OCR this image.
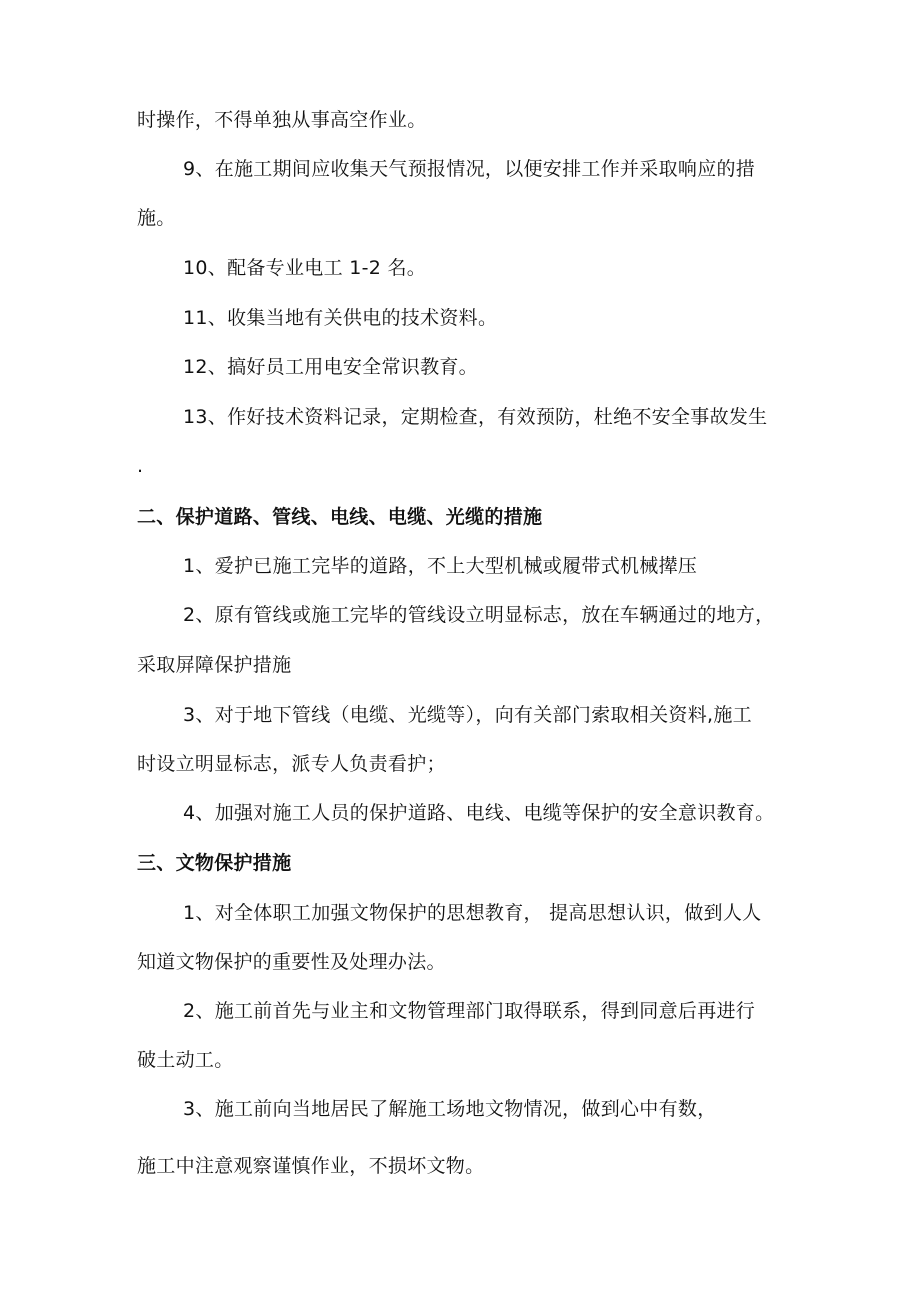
时操作，不得单独从事高空作业。
9、在施工期间应收集天气预报情况，以便安排工作并采取响应的措
施。
10、配备专业电工 1-2 名。
11、收集当地有关供电的技术资料。
12、搞好员工用电安全常识教育。
13、作好技术资料记录，定期检查，有效预防，杜绝不安全事故发生
.
二、保护道路、管线、电线、电缆、光缆的措施
1、爱护已施工完毕的道路，不上大型机械或履带式机械撵压
2、原有管线或施工完毕的管线设立明显标志，放在车辆通过的地方，
采取屏障保护措施
3、对于地下管线（电缆、光缆等），向有关部门索取相关资料,施工
时设立明显标志，派专人负责看护；
4、加强对施工人员的保护道路、电线、电缆等保护的安全意识教育。
三、文物保护措施
1、对全体职工加强文物保护的思想教育， 提高思想认识，做到人人
知道文物保护的重要性及处理办法。
2、施工前首先与业主和文物管理部门取得联系，得到同意后再进行
破土动工。
3、施工前向当地居民了解施工场地文物情况，做到心中有数，
施工中注意观察谨慎作业，不损坏文物。
